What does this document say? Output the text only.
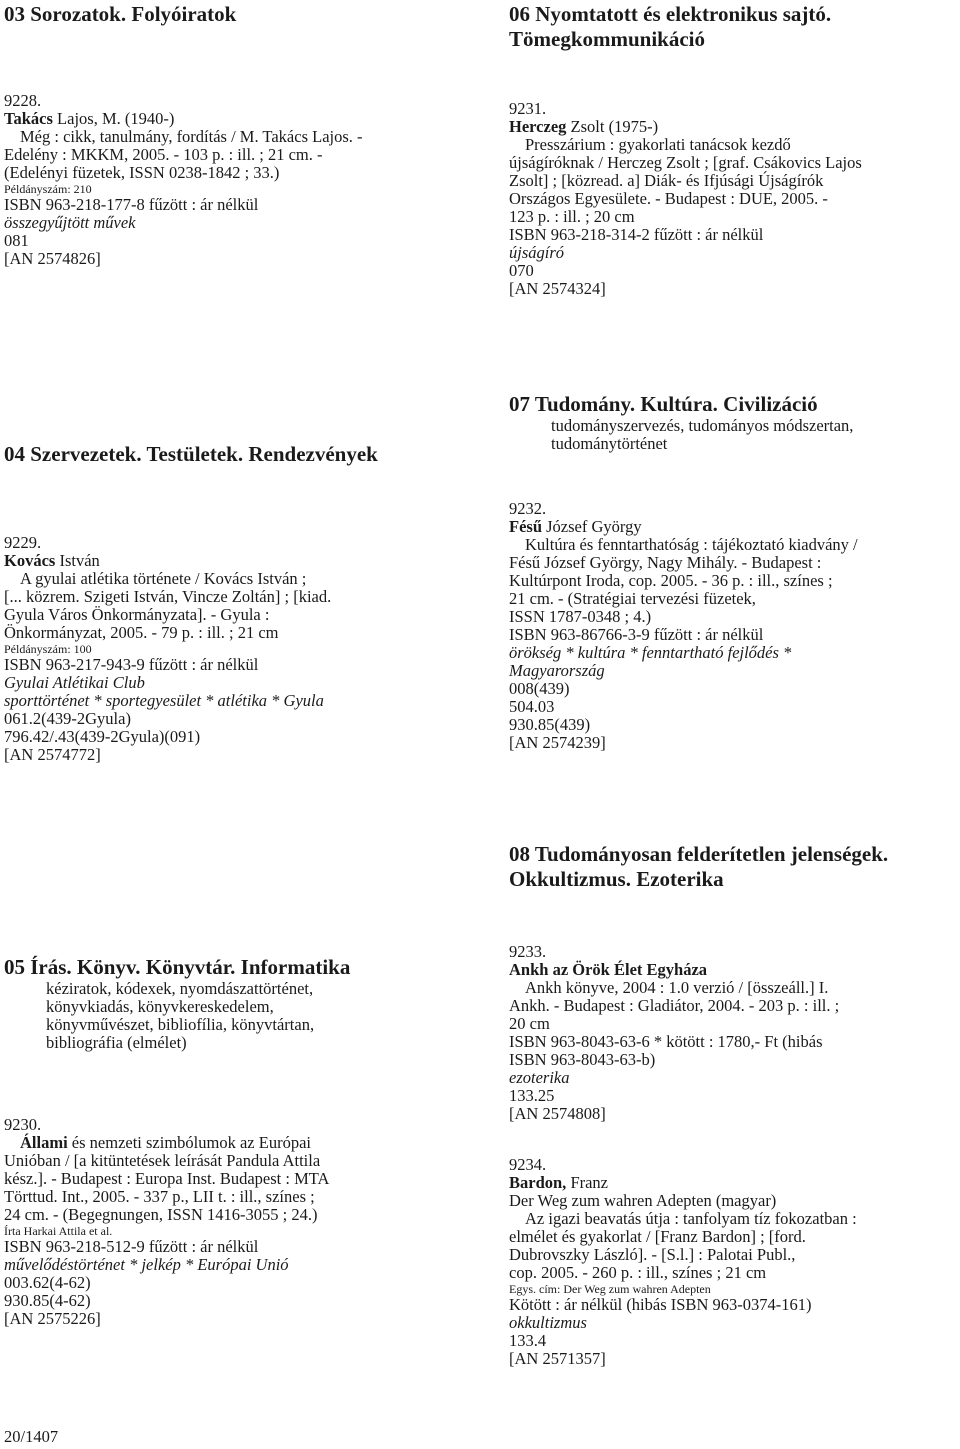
03 Sorozatok. Folyóiratok
9228.
Takács Lajos, M. (1940-)
Még : cikk, tanulmány, fordítás / M. Takács Lajos. -
Edelény : MKKM, 2005. - 103 p. : ill. ; 21 cm. -
(Edelényi füzetek, ISSN 0238-1842 ; 33.)
Példányszám: 210
ISBN 963-218-177-8 fűzött : ár nélkül
összegyűjtött művek
081
[AN 2574826]
04 Szervezetek. Testületek. Rendezvények
9229.
Kovács István
A gyulai atlétika története / Kovács István ;
[... közrem. Szigeti István, Vincze Zoltán] ; [kiad.
Gyula Város Önkormányzata]. - Gyula :
Önkormányzat, 2005. - 79 p. : ill. ; 21 cm
Példányszám: 100
ISBN 963-217-943-9 fűzött : ár nélkül
Gyulai Atlétikai Club
sporttörténet * sportegyesület * atlétika * Gyula
061.2(439-2Gyula)
796.42/.43(439-2Gyula)(091)
[AN 2574772]
05 Írás. Könyv. Könyvtár. Informatika
kéziratok, kódexek, nyomdászattörténet,
könyvkiadás, könyvkereskedelem,
könyvművészet, bibliofília, könyvtártan,
bibliográfia (elmélet)
9230.
Állami és nemzeti szimbólumok az Európai
Unióban / [a kitüntetések leírását Pandula Attila
kész.]. - Budapest : Europa Inst. Budapest : MTA
Törttud. Int., 2005. - 337 p., LII t. : ill., színes ;
24 cm. - (Begegnungen, ISSN 1416-3055 ; 24.)
Írta Harkai Attila et al.
ISBN 963-218-512-9 fűzött : ár nélkül
művelődéstörténet * jelkép * Európai Unió
003.62(4-62)
930.85(4-62)
[AN 2575226]
20/1407
06 Nyomtatott és elektronikus sajtó.
Tömegkommunikáció
9231.
Herczeg Zsolt (1975-)
Presszárium : gyakorlati tanácsok kezdő
újságíróknak / Herczeg Zsolt ; [graf. Csákovics Lajos
Zsolt] ; [közread. a] Diák- és Ifjúsági Újságírók
Országos Egyesülete. - Budapest : DUE, 2005. -
123 p. : ill. ; 20 cm
ISBN 963-218-314-2 fűzött : ár nélkül
újságíró
070
[AN 2574324]
07 Tudomány. Kultúra. Civilizáció
tudományszervezés, tudományos módszertan,
tudománytörténet
9232.
Fésű József György
Kultúra és fenntarthatóság : tájékoztató kiadvány /
Fésű József György, Nagy Mihály. - Budapest :
Kultúrpont Iroda, cop. 2005. - 36 p. : ill., színes ;
21 cm. - (Stratégiai tervezési füzetek,
ISSN 1787-0348 ; 4.)
ISBN 963-86766-3-9 fűzött : ár nélkül
örökség * kultúra * fenntartható fejlődés *
Magyarország
008(439)
504.03
930.85(439)
[AN 2574239]
08 Tudományosan felderítetlen jelenségek.
Okkultizmus. Ezoterika
9233.
Ankh az Örök Élet Egyháza
Ankh könyve, 2004 : 1.0 verzió / [összeáll.] I.
Ankh. - Budapest : Gladiátor, 2004. - 203 p. : ill. ;
20 cm
ISBN 963-8043-63-6 * kötött : 1780,- Ft (hibás
ISBN 963-8043-63-b)
ezoterika
133.25
[AN 2574808]
9234.
Bardon, Franz
Der Weg zum wahren Adepten (magyar)
Az igazi beavatás útja : tanfolyam tíz fokozatban :
elmélet és gyakorlat / [Franz Bardon] ; [ford.
Dubrovszky László]. - [S.l.] : Palotai Publ.,
cop. 2005. - 260 p. : ill., színes ; 21 cm
Egys. cím: Der Weg zum wahren Adepten
Kötött : ár nélkül (hibás ISBN 963-0374-161)
okkultizmus
133.4
[AN 2571357]
